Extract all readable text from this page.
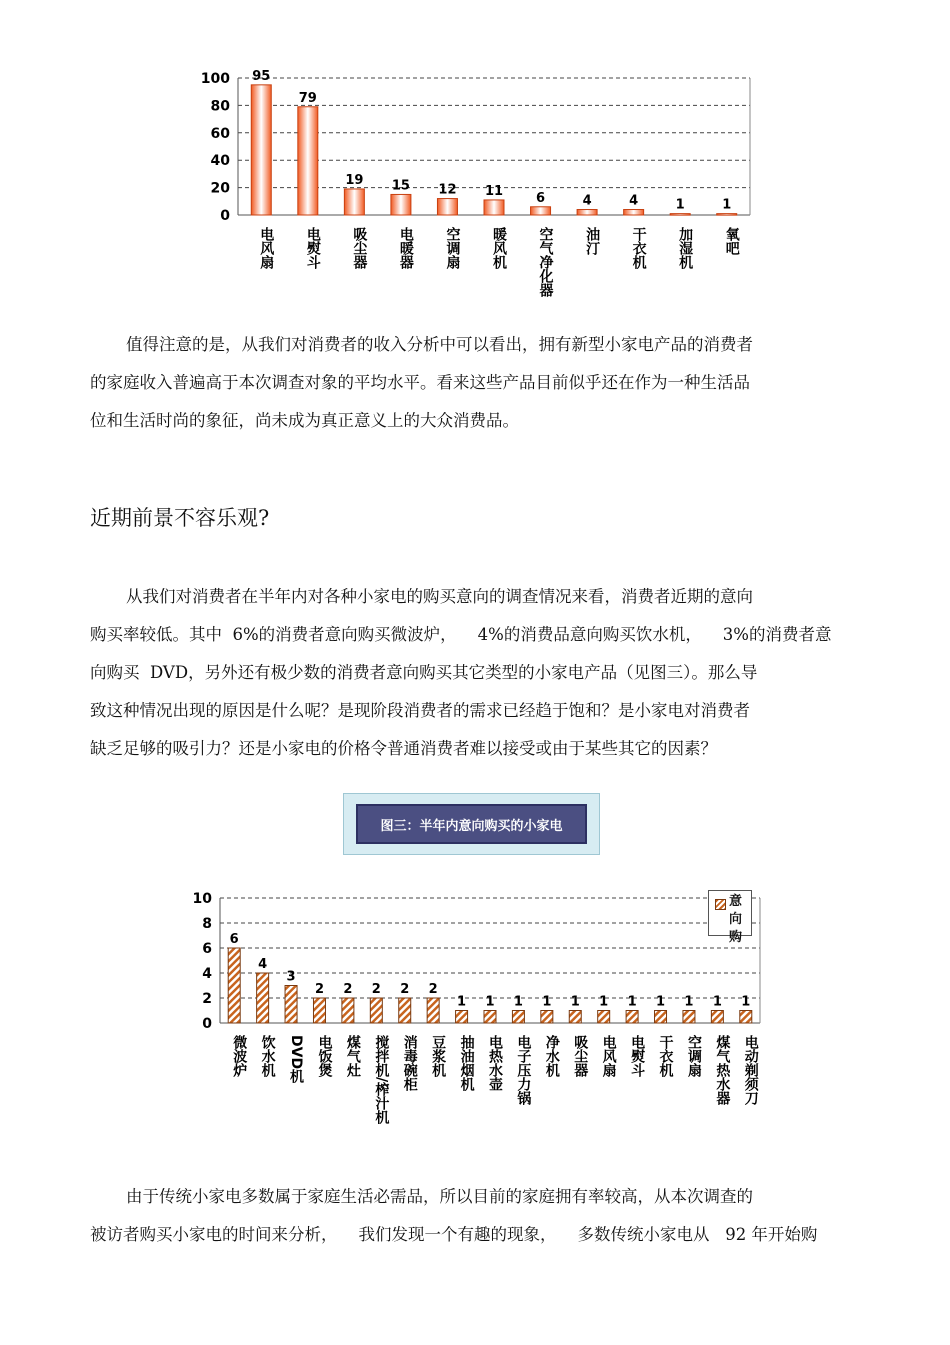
0
20
40
60
80
100 95
电风扇
79
电熨斗
19
吸尘器
15
电暖器
12
空调扇
11
暖风机
6
空气净化器
4
油汀
4
干衣机
1
加湿机
1
氧吧

值得注意的是，从我们对消费者的收入分析中可以看出，拥有新型小家电产品的消费者
的家庭收入普遍高于本次调查对象的平均水平。看来这些产品目前似乎还在作为一种生活品
位和生活时尚的象征，尚未成为真正意义上的大众消费品。

近期前景不容乐观?

从我们对消费者在半年内对各种小家电的购买意向的调查情况来看，消费者近期的意向
购买率较低。其中  6%的消费者意向购买微波炉，    4%的消费品意向购买饮水机，    3%的消费者意
向购买  DVD，另外还有极少数的消费者意向购买其它类型的小家电产品（见图三）。那么导
致这种情况出现的原因是什么呢？是现阶段消费者的需求已经趋于饱和？是小家电对消费者
缺乏足够的吸引力？还是小家电的价格令普通消费者难以接受或由于某些其它的因素？

图三：半年内意向购买的小家电
0
2
4
6
8
10
6
微波炉
4
饮水机
3
DVD机
2
电饭煲
2
煤气灶
2
搅拌机/榨汁机
2
消毒碗柜
2
豆浆机
1
抽油烟机
1
电热水壶
1
电子压力锅
1
净水机
1
吸尘器
1
电风扇
1
电熨斗
1
干衣机
1
空调扇
1
煤气热水器
1
电动剃须刀
意向购

由于传统小家电多数属于家庭生活必需品，所以目前的家庭拥有率较高，从本次调查的
被访者购买小家电的时间来分析，    我们发现一个有趣的现象，    多数传统小家电从   92 年开始购
